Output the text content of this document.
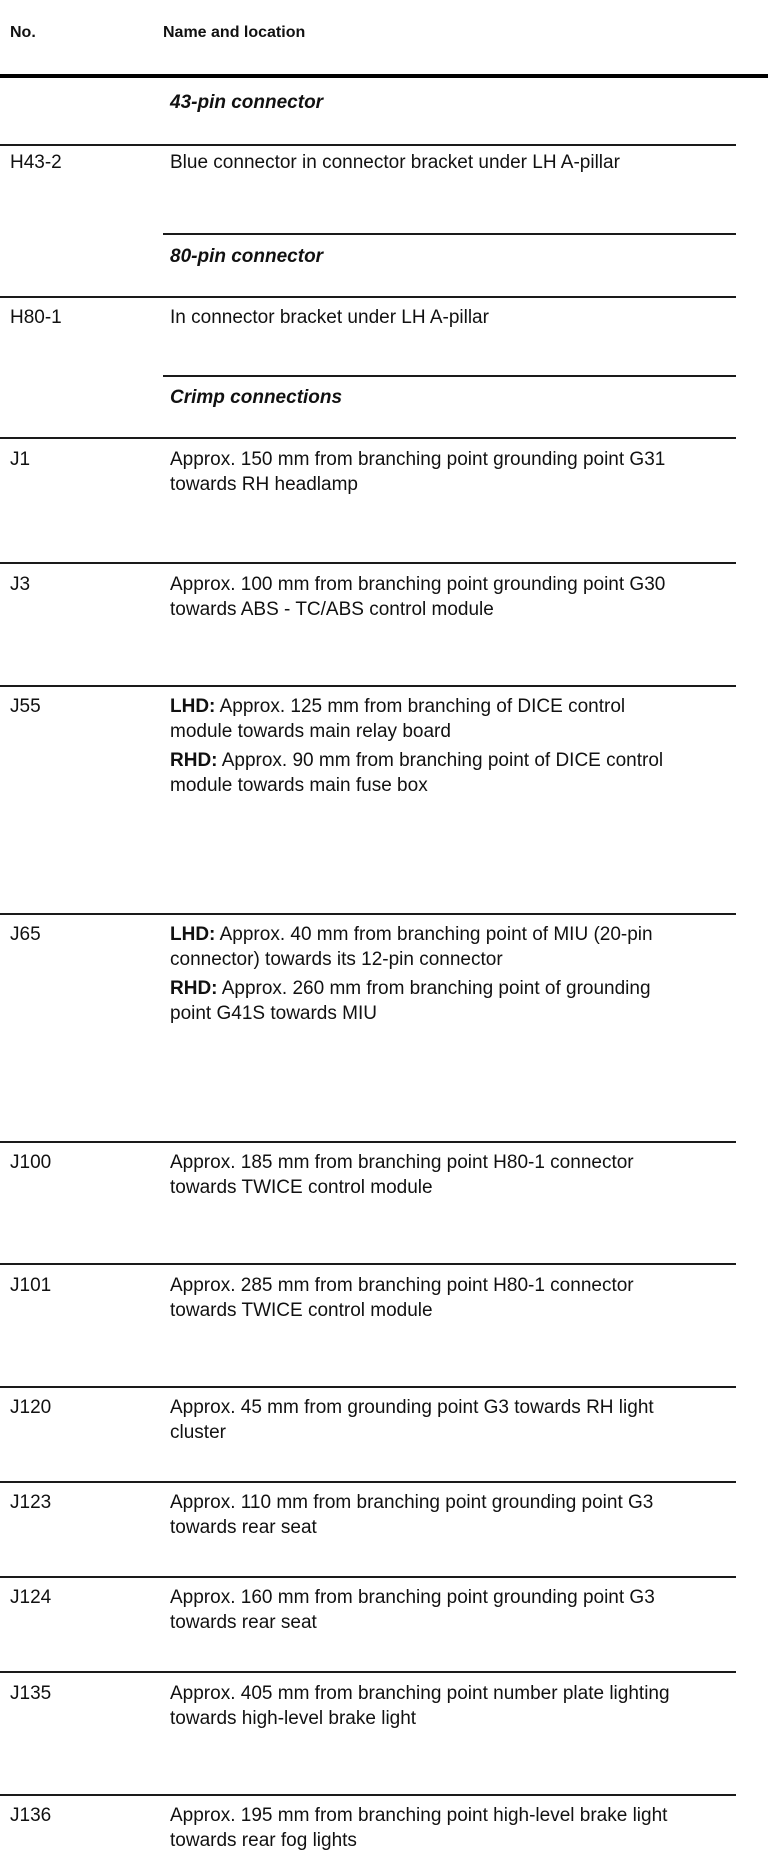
No.	Name and location
43-pin connector
H43-2	Blue connector in connector bracket under LH A-pillar
80-pin connector
H80-1	In connector bracket under LH A-pillar
Crimp connections
J1	Approx. 150 mm from branching point grounding point G31 towards RH headlamp
J3	Approx. 100 mm from branching point grounding point G30 towards ABS - TC/ABS control module
J55	LHD: Approx. 125 mm from branching of DICE control module towards main relay board
RHD: Approx. 90 mm from branching point of DICE control module towards main fuse box
J65	LHD: Approx. 40 mm from branching point of MIU (20-pin connector) towards its 12-pin connector
RHD: Approx. 260 mm from branching point of grounding point G41S towards MIU
J100	Approx. 185 mm from branching point H80-1 connector towards TWICE control module
J101	Approx. 285 mm from branching point H80-1 connector towards TWICE control module
J120	Approx. 45 mm from grounding point G3 towards RH light cluster
J123	Approx. 110 mm from branching point grounding point G3 towards rear seat
J124	Approx. 160 mm from branching point grounding point G3 towards rear seat
J135	Approx. 405 mm from branching point number plate lighting towards high-level brake light
J136	Approx. 195 mm from branching point high-level brake light towards rear fog lights
